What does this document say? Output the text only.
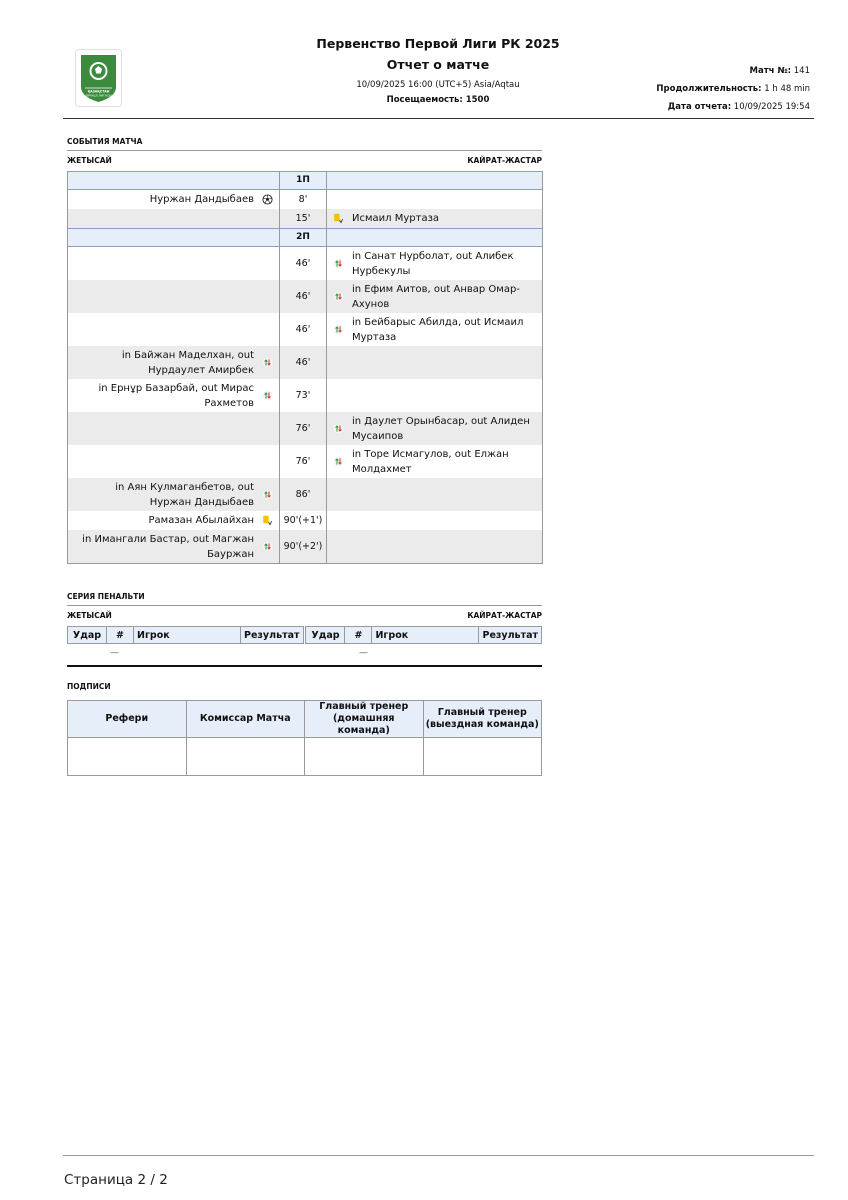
ҚАЗАҚСТАН
БІРІНШІ ЛИГАСЫ
Первенство Первой Лиги РК 2025
Отчет о матче
10/09/2025 16:00 (UTC+5) Asia/Aqtau
Посещаемость: 1500
Матч №: 141
Продолжительность: 1 h 48 min
Дата отчета: 10/09/2025 19:54
СОБЫТИЯ МАТЧА
ЖЕТЫСАЙ	КАЙРАТ-ЖАСТАР
	1П	

Нуржан Дандыбаев	8'	
	15'	Исмаил Муртаза

	2П	
	46'	in Санат Нурболат, out Алибек Нурбекулы

	46'	in Ефим Аитов, out Анвар Омар-Ахунов

	46'	in Бейбарыс Абилда, out Исмаил Муртаза

in Байжан Маделхан, out Нурдаулет Амирбек	46'	

in Ернұр Базарбай, out Мирас Рахметов	73'	
	76'	in Даулет Орынбасар, out Алиден Мусаипов

	76'	in Торе Исмагулов, out Елжан Молдахмет

in Аян Кулмаганбетов, out Нуржан Дандыбаев	86'	

Рамазан Абылайхан	90'(+1')	

in Имангали Бастар, out Магжан Бауржан	90'(+2')	
СЕРИЯ ПЕНАЛЬТИ
ЖЕТЫСАЙ	КАЙРАТ-ЖАСТАР
Удар	#	Игрок	Результат Удар	#	Игрок	Результат
—	—
ПОДПИСИ
Рефери	Комиссар Матча	Главный тренер (домашняя команда)	Главный тренер (выездная команда)

Страница 2 / 2
